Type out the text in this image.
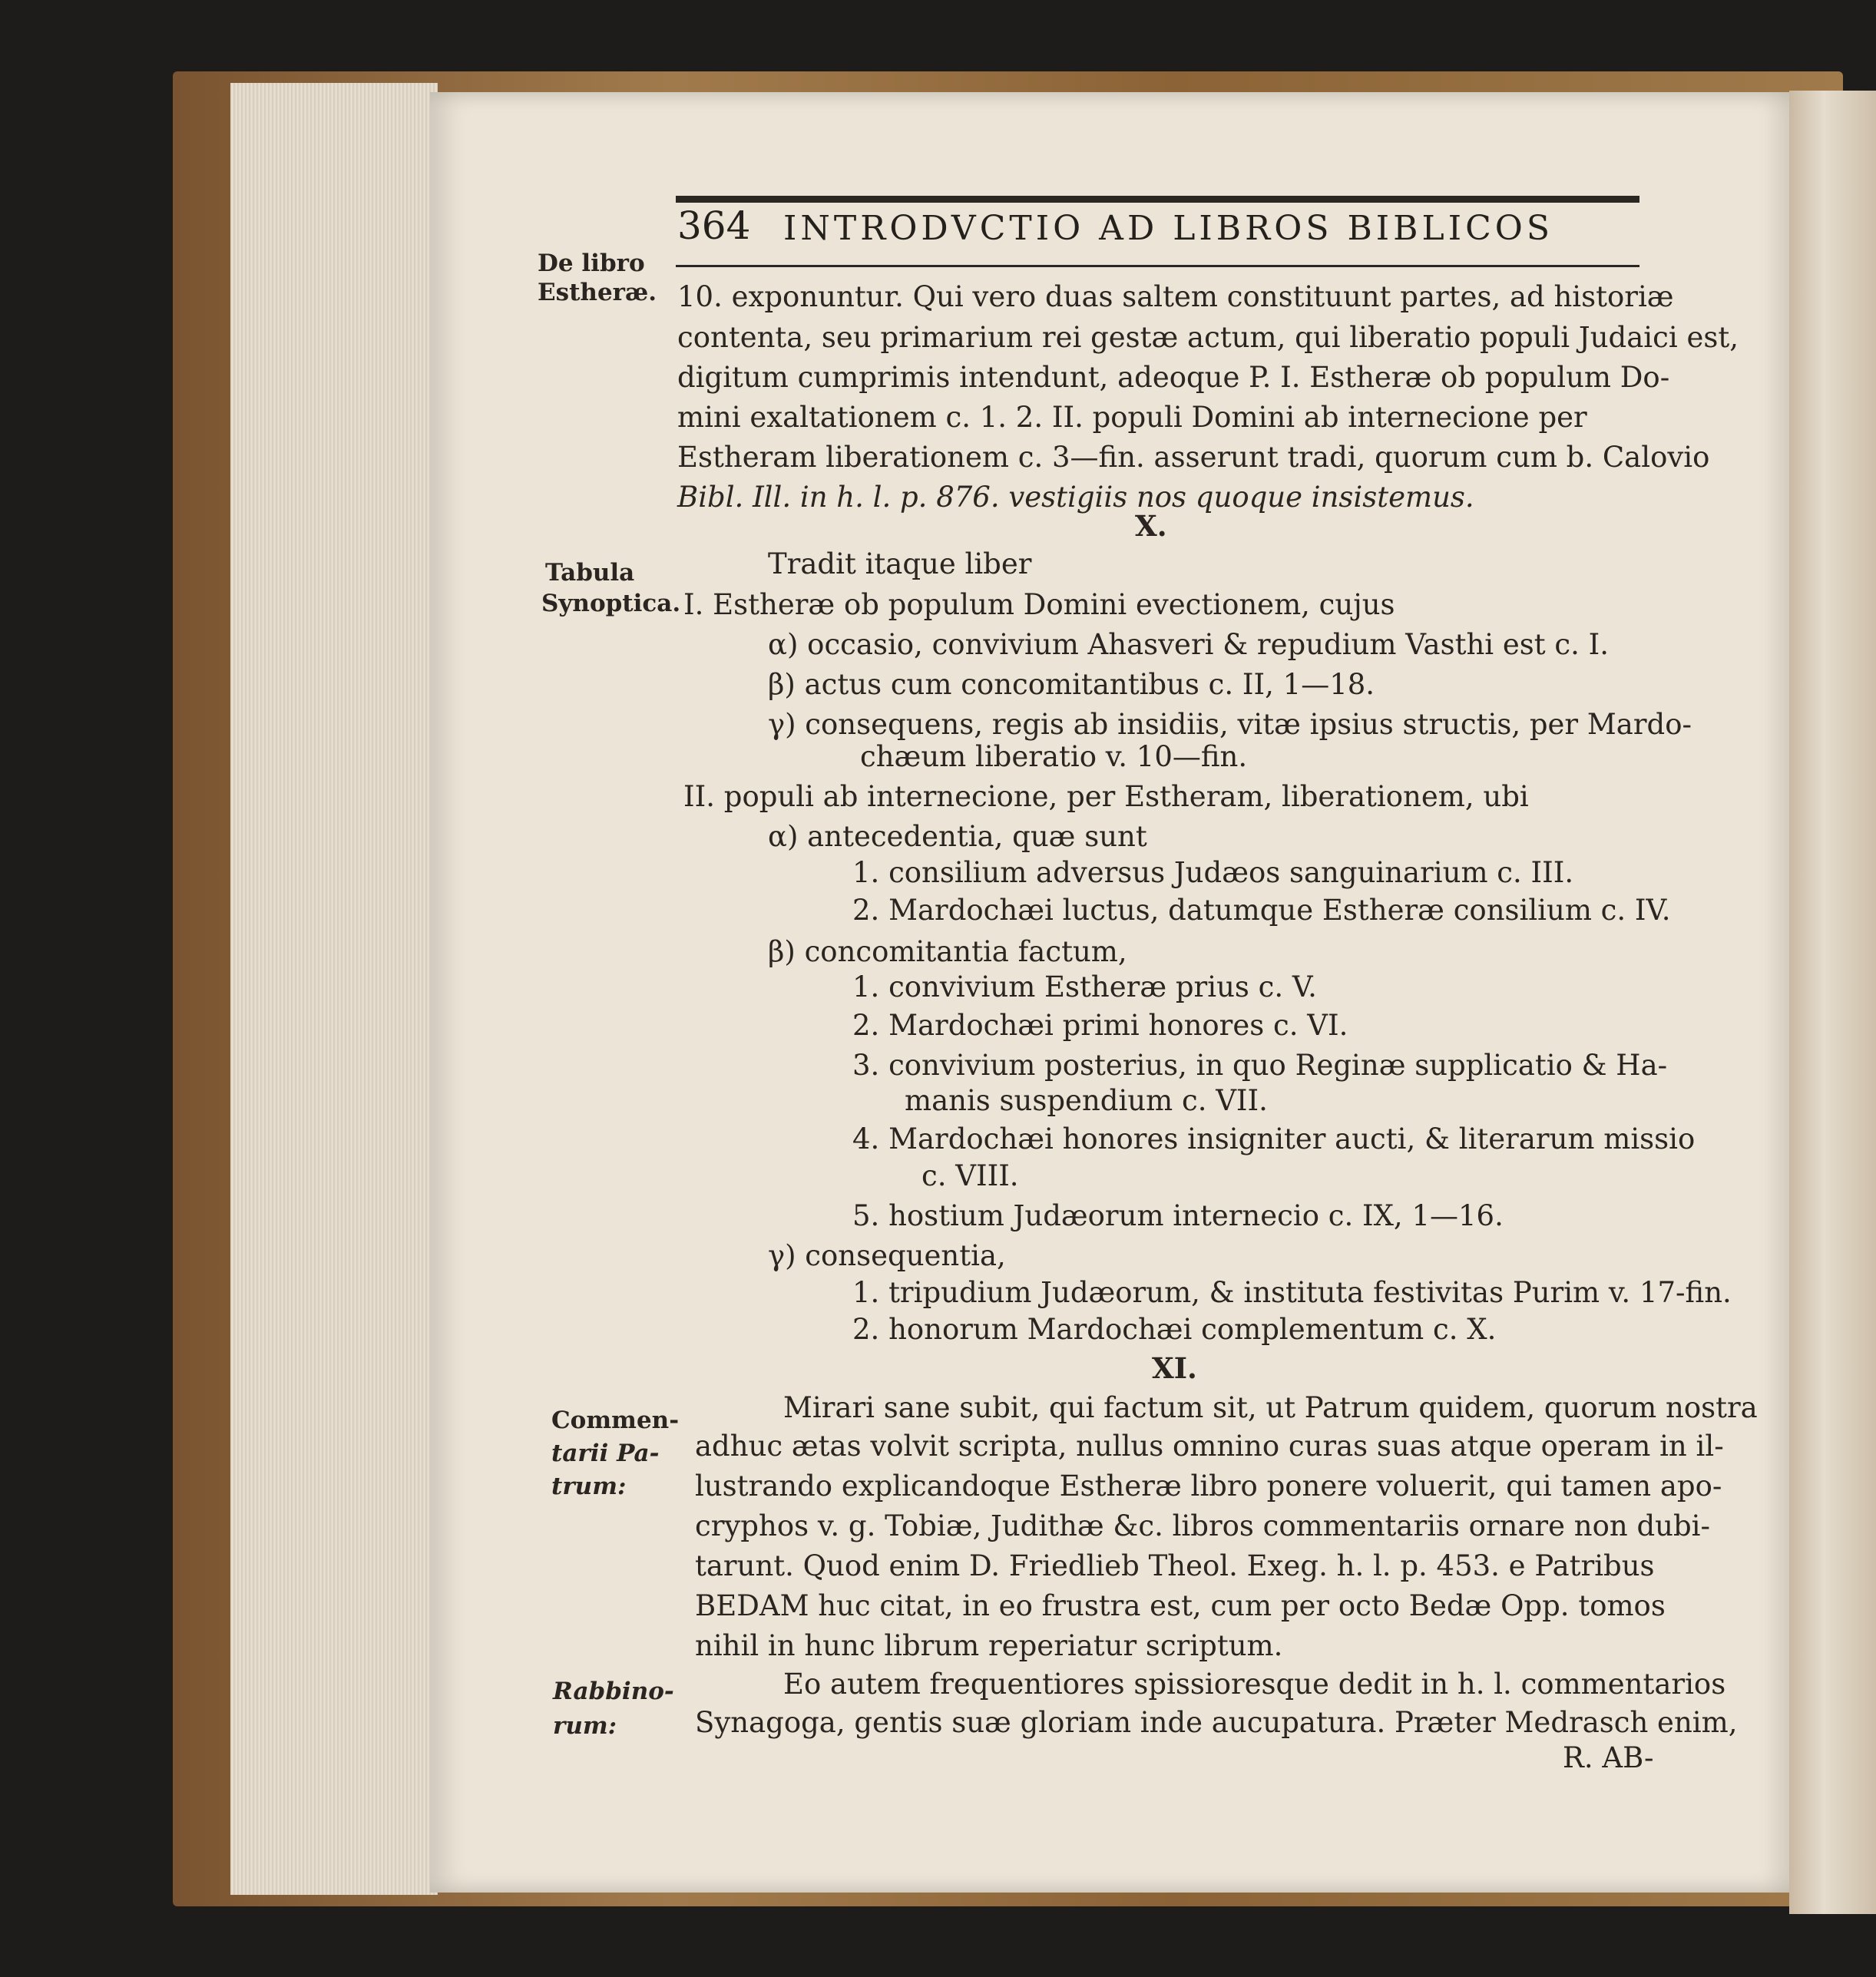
364 INTRODVCTIO AD LIBROS BIBLICOS
De libro
Estheræ.
Tabula
Synoptica.
Commen-
tarii Pa-
trum:
Rabbino-
rum:
10. exponuntur. Qui vero duas saltem constituunt partes, ad historiæ
contenta, seu primarium rei gestæ actum, qui liberatio populi Judaici est,
digitum cumprimis intendunt, adeoque P. I. Estheræ ob populum Do-
mini exaltationem c. 1. 2. II. populi Domini ab internecione per
Estheram liberationem c. 3—fin. asserunt tradi, quorum cum b. Calovio
Bibl. Ill. in h. l. p. 876. vestigiis nos quoque insistemus.
X.
Tradit itaque liber
I. Estheræ ob populum Domini evectionem, cujus
α) occasio, convivium Ahasveri & repudium Vasthi est c. I.
β) actus cum concomitantibus c. II, 1—18.
γ) consequens, regis ab insidiis, vitæ ipsius structis, per Mardo-
chæum liberatio v. 10—fin.
II. populi ab internecione, per Estheram, liberationem, ubi
α) antecedentia, quæ sunt
1. consilium adversus Judæos sanguinarium c. III.
2. Mardochæi luctus, datumque Estheræ consilium c. IV.
β) concomitantia factum,
1. convivium Estheræ prius c. V.
2. Mardochæi primi honores c. VI.
3. convivium posterius, in quo Reginæ supplicatio & Ha-
manis suspendium c. VII.
4. Mardochæi honores insigniter aucti, & literarum missio
c. VIII.
5. hostium Judæorum internecio c. IX, 1—16.
γ) consequentia,
1. tripudium Judæorum, & instituta festivitas Purim v. 17-fin.
2. honorum Mardochæi complementum c. X.
XI.
Mirari sane subit, qui factum sit, ut Patrum quidem, quorum nostra
adhuc ætas volvit scripta, nullus omnino curas suas atque operam in il-
lustrando explicandoque Estheræ libro ponere voluerit, qui tamen apo-
cryphos v. g. Tobiæ, Judithæ &c. libros commentariis ornare non dubi-
tarunt. Quod enim D. Friedlieb Theol. Exeg. h. l. p. 453. e Patribus
BEDAM huc citat, in eo frustra est, cum per octo Bedæ Opp. tomos
nihil in hunc librum reperiatur scriptum.
Eo autem frequentiores spissioresque dedit in h. l. commentarios
Synagoga, gentis suæ gloriam inde aucupatura. Præter Medrasch enim,
R. AB-
